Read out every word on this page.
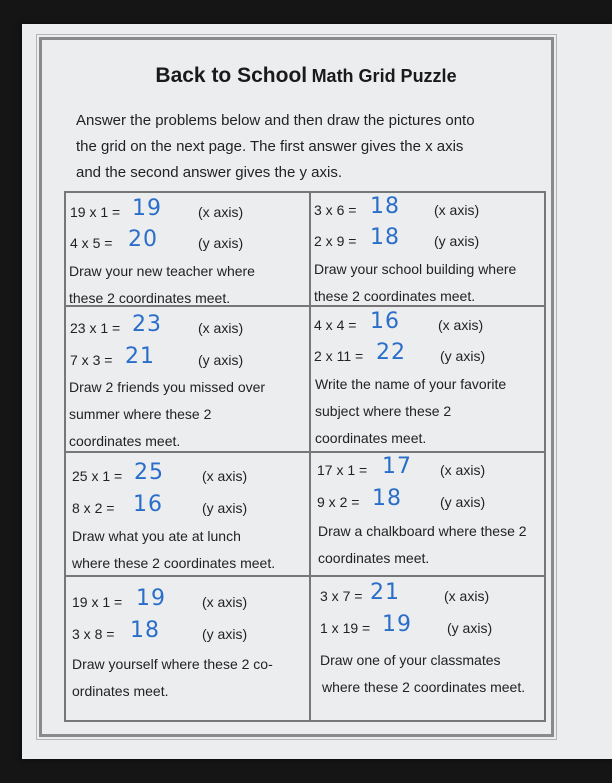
Back to School Math Grid Puzzle
Answer the problems below and then draw the pictures onto
the grid on the next page. The first answer gives the x axis
and the second answer gives the y axis.
19 x 1 = 19	(x axis)
4 x 5 = 20	(y axis)
Draw your new teacher where
these 2 coordinates meet.
3 x 6 = 18 (x axis)
2 x 9 = 18 (y axis)
Draw your school building where
these 2 coordinates meet.
23 x 1 = 23	(x axis)
7 x 3 = 21	(y axis)
Draw 2 friends you missed over
summer where these 2
coordinates meet.
4 x 4 = 16	(x axis)
2 x 11 = 22 (y axis)
Write the name of your favorite
subject where these 2
coordinates meet.
25 x 1 = 25	(x axis)
8 x 2 = 16	(y axis)
Draw what you ate at lunch
where these 2 coordinates meet.
17 x 1 = 17 (x axis)
9 x 2 = 18	(y axis)
Draw a chalkboard where these 2
coordinates meet.
19 x 1 = 19	(x axis)
3 x 8 = 18	(y axis)
Draw yourself where these 2 co-
ordinates meet.
3 x 7 = 21	(x axis)
1 x 19 = 19	(y axis)
Draw one of your classmates
where these 2 coordinates meet.
